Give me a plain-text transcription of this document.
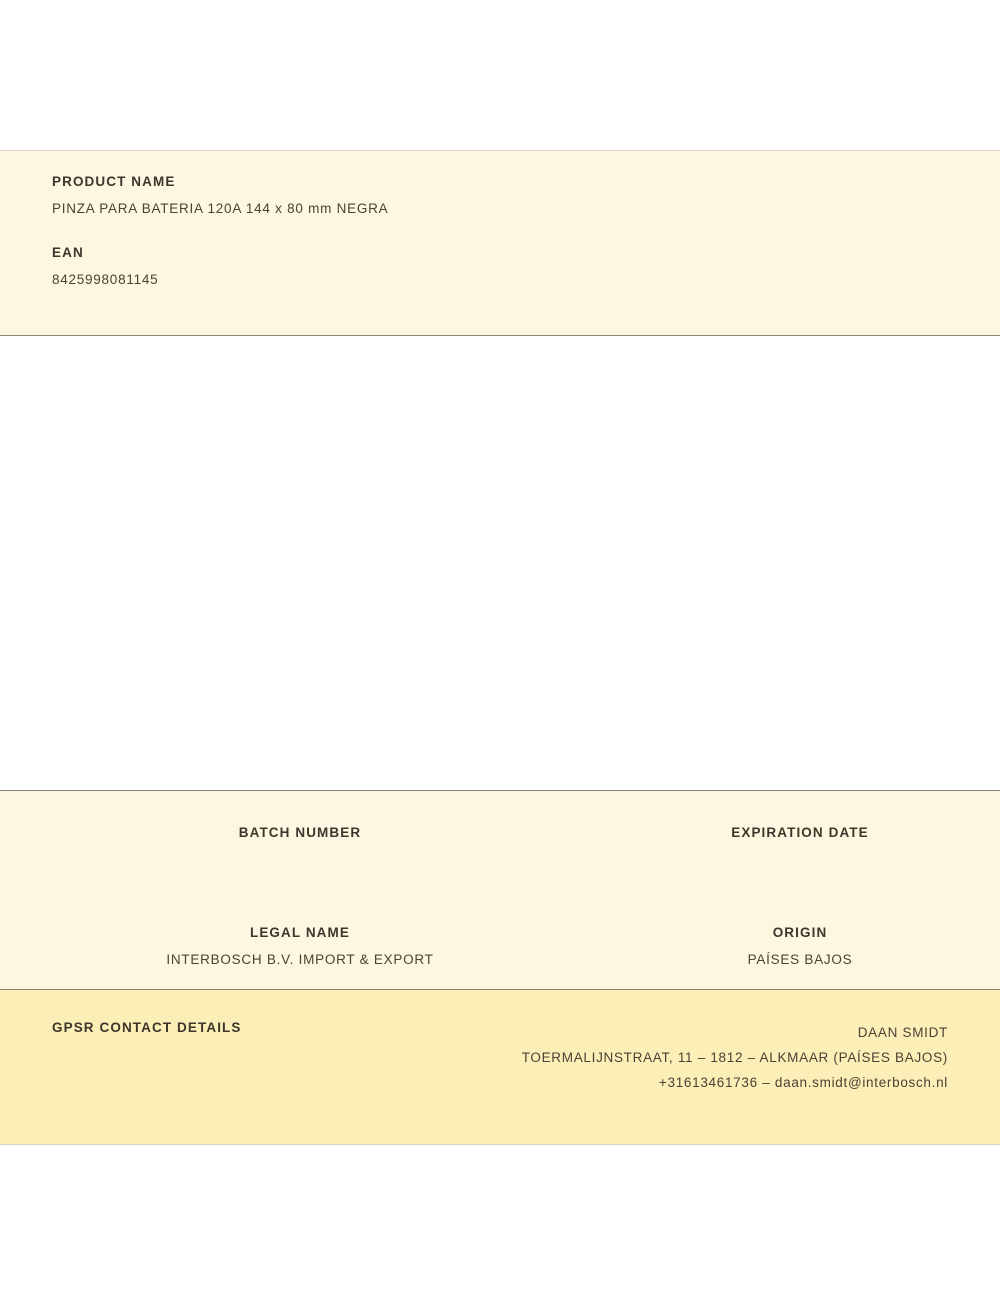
PRODUCT NAME
PINZA PARA BATERIA 120A 144 x 80 mm NEGRA
EAN
8425998081145
BATCH NUMBER	EXPIRATION DATE
LEGAL NAME
INTERBOSCH B.V. IMPORT & EXPORT
ORIGIN
PAÍSES BAJOS
GPSR CONTACT DETAILS	DAAN SMIDT
TOERMALIJNSTRAAT, 11 – 1812 – ALKMAAR (PAÍSES BAJOS)
+31613461736 – daan.smidt@interbosch.nl
